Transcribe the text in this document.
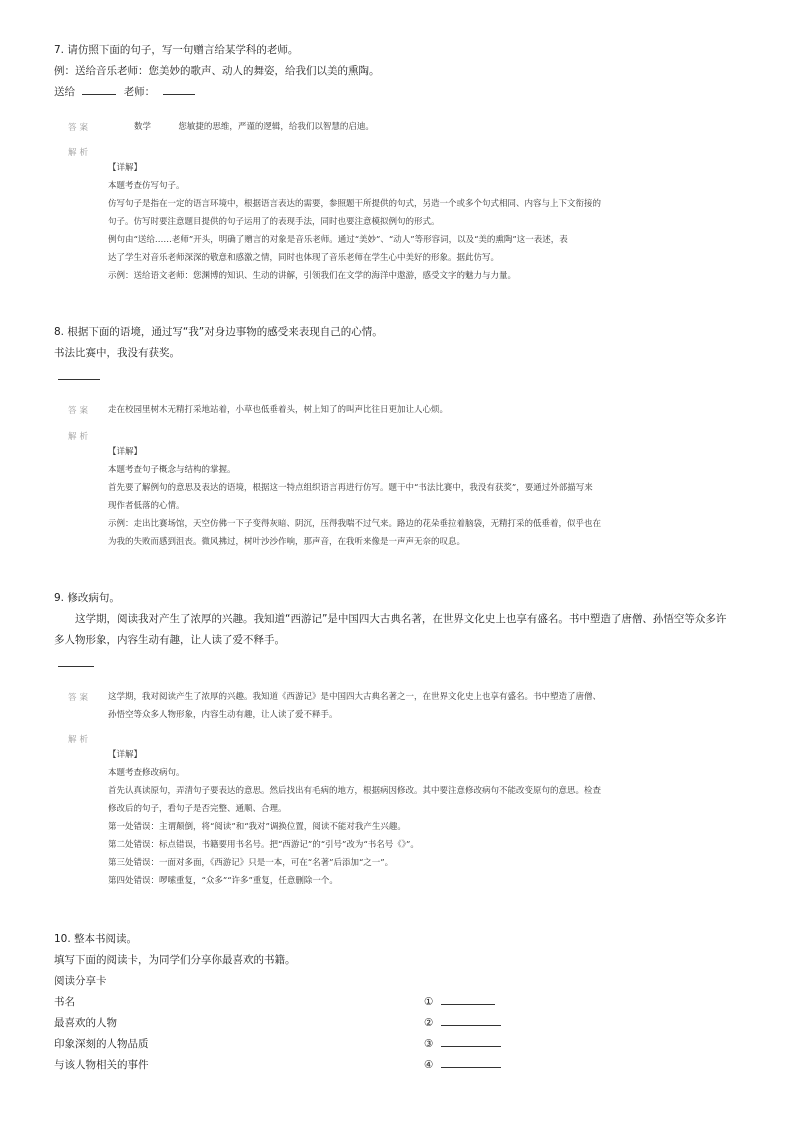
7. 请仿照下面的句子，写一句赠言给某学科的老师。
例：送给音乐老师：您美妙的歌声、动人的舞姿，给我们以美的熏陶。
送给	老师：
答案	数学	您敏捷的思维，严谨的逻辑，给我们以智慧的启迪。
解析

【详解】

本题考查仿写句子。

仿写句子是指在一定的语言环境中，根据语言表达的需要，参照题干所提供的句式，另造一个或多个句式相同、内容与上下文衔接的

句子。仿写时要注意题目提供的句子运用了的表现手法，同时也要注意模拟例句的形式。

例句由“送给……老师”开头，明确了赠言的对象是音乐老师。通过“美妙”、“动人”等形容词，以及“美的熏陶”这一表述，表

达了学生对音乐老师深深的敬意和感激之情，同时也体现了音乐老师在学生心中美好的形象。据此仿写。

示例：送给语文老师：您渊博的知识、生动的讲解，引领我们在文学的海洋中遨游，感受文字的魅力与力量。

8. 根据下面的语境，通过写“我”对身边事物的感受来表现自己的心情。
书法比赛中，我没有获奖。
答案 走在校园里树木无精打采地站着，小草也低垂着头，树上知了的叫声比往日更加让人心烦。
解析

【详解】

本题考查句子概念与结构的掌握。

首先要了解例句的意思及表达的语境，根据这一特点组织语言再进行仿写。题干中“书法比赛中，我没有获奖”，要通过外部描写来

现作者低落的心情。

示例：走出比赛场馆，天空仿佛一下子变得灰暗、阴沉，压得我喘不过气来。路边的花朵垂拉着脑袋，无精打采的低垂着，似乎也在

为我的失败而感到沮丧。微风拂过，树叶沙沙作响，那声音，在我听来像是一声声无奈的叹息。

9. 修改病句。
这学期，阅读我对产生了浓厚的兴趣。我知道“西游记”是中国四大古典名著，在世界文化史上也享有盛名。书中塑造了唐僧、孙悟空等众多许
多人物形象，内容生动有趣，让人读了爱不释手。
答案 这学期，我对阅读产生了浓厚的兴趣。我知道《西游记》是中国四大古典名著之一，在世界文化史上也享有盛名。书中塑造了唐僧、
孙悟空等众多人物形象，内容生动有趣，让人读了爱不释手。
解析

【详解】

本题考查修改病句。

首先认真读原句，弄清句子要表达的意思。然后找出有毛病的地方，根据病因修改。其中要注意修改病句不能改变原句的意思。检查

修改后的句子，看句子是否完整、通顺、合理。

第一处错误：主谓颠倒，将“阅读”和“我对”调换位置，阅读不能对我产生兴趣。

第二处错误：标点错误，书籍要用书名号。把“西游记”的“引号”改为“书名号《》”。

第三处错误：一面对多面，《西游记》只是一本，可在“名著”后添加“之一”。

第四处错误：啰嗦重复，“众多”“许多”重复，任意删除一个。

10. 整本书阅读。
填写下面的阅读卡，为同学们分享你最喜欢的书籍。
阅读分享卡
书名	①
最喜欢的人物	②
印象深刻的人物品质	③
与该人物相关的事件	④
